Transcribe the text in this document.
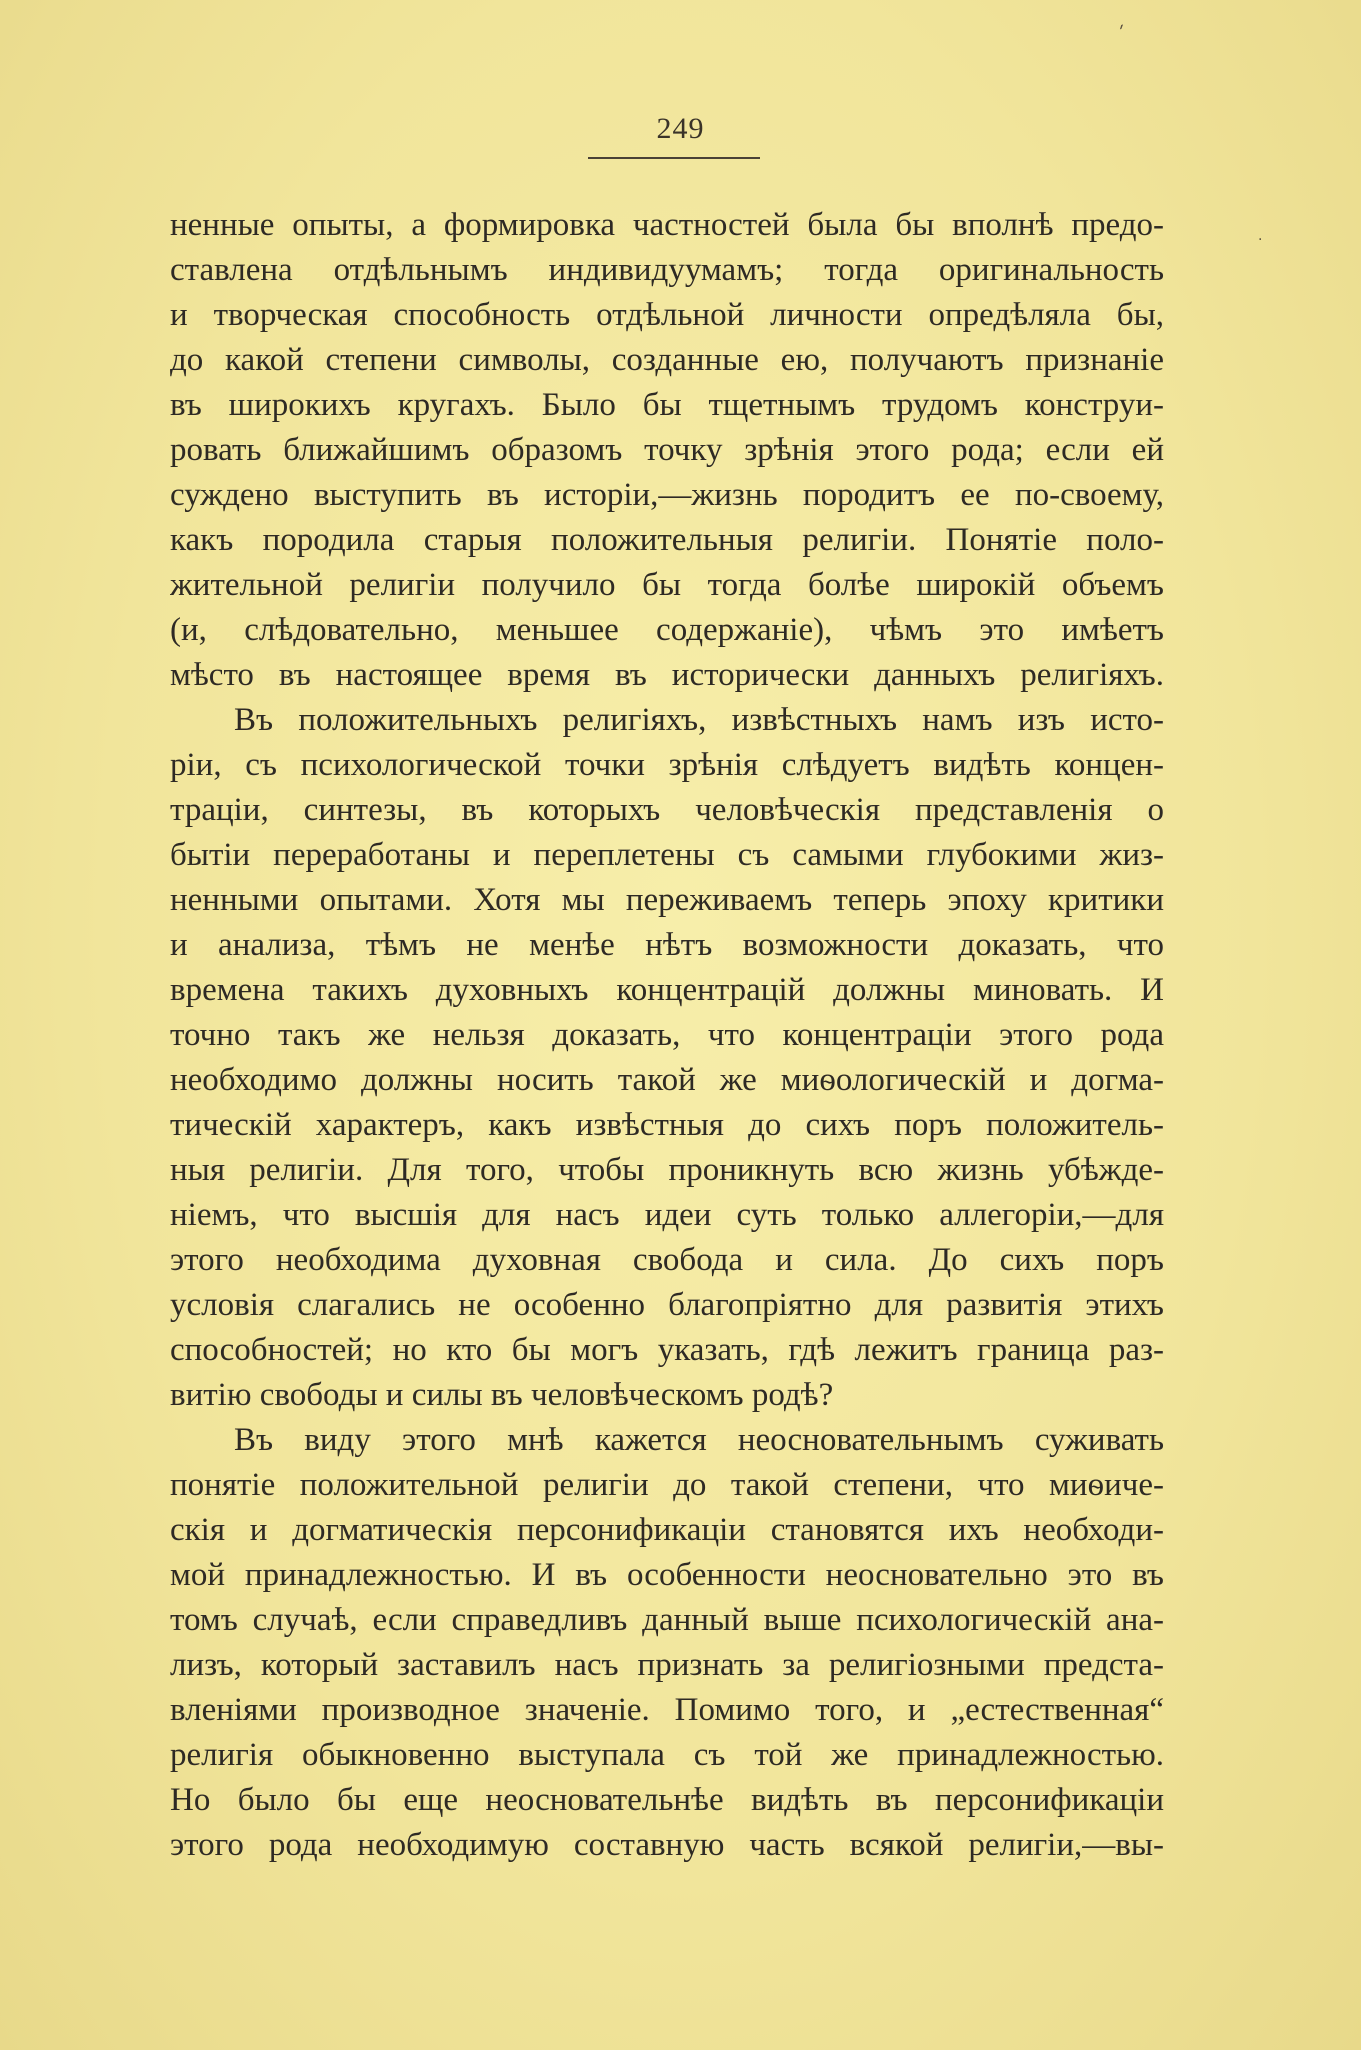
ˊ
.
249
ненные опыты, а формировка частностей была бы вполнѣ предо-
ставлена отдѣльнымъ индивидуумамъ; тогда оригинальность
и творческая способность отдѣльной личности опредѣляла бы,
до какой степени символы, созданные ею, получаютъ признаніе
въ широкихъ кругахъ. Было бы тщетнымъ трудомъ конструи-
ровать ближайшимъ образомъ точку зрѣнія этого рода; если ей
суждено выступить въ исторіи,—жизнь породитъ ее по-своему,
какъ породила старыя положительныя религіи. Понятіе поло-
жительной религіи получило бы тогда болѣе широкій объемъ
(и, слѣдовательно, меньшее содержаніе), чѣмъ это имѣетъ
мѣсто въ настоящее время въ исторически данныхъ религіяхъ.
Въ положительныхъ религіяхъ, извѣстныхъ намъ изъ исто-
ріи, съ психологической точки зрѣнія слѣдуетъ видѣть концен-
траціи, синтезы, въ которыхъ человѣческія представленія о
бытіи переработаны и переплетены съ самыми глубокими жиз-
ненными опытами. Хотя мы переживаемъ теперь эпоху критики
и анализа, тѣмъ не менѣе нѣтъ возможности доказать, что
времена такихъ духовныхъ концентрацій должны миновать. И
точно такъ же нельзя доказать, что концентраціи этого рода
необходимо должны носить такой же миѳологическій и догма-
тическій характеръ, какъ извѣстныя до сихъ поръ положитель-
ныя религіи. Для того, чтобы проникнуть всю жизнь убѣжде-
ніемъ, что высшія для насъ идеи суть только аллегоріи,—для
этого необходима духовная свобода и сила. До сихъ поръ
условія слагались не особенно благопріятно для развитія этихъ
способностей; но кто бы могъ указать, гдѣ лежитъ граница раз-
витію свободы и силы въ человѣческомъ родѣ?
Въ виду этого мнѣ кажется неосновательнымъ суживать
понятіе положительной религіи до такой степени, что миѳиче-
скія и догматическія персонификаціи становятся ихъ необходи-
мой принадлежностью. И въ особенности неосновательно это въ
томъ случаѣ, если справедливъ данный выше психологическій ана-
лизъ, который заставилъ насъ признать за религіозными предста-
вленіями производное значеніе. Помимо того, и „естественная“
религія обыкновенно выступала съ той же принадлежностью.
Но было бы еще неосновательнѣе видѣть въ персонификаціи
этого рода необходимую составную часть всякой религіи,—вы-
